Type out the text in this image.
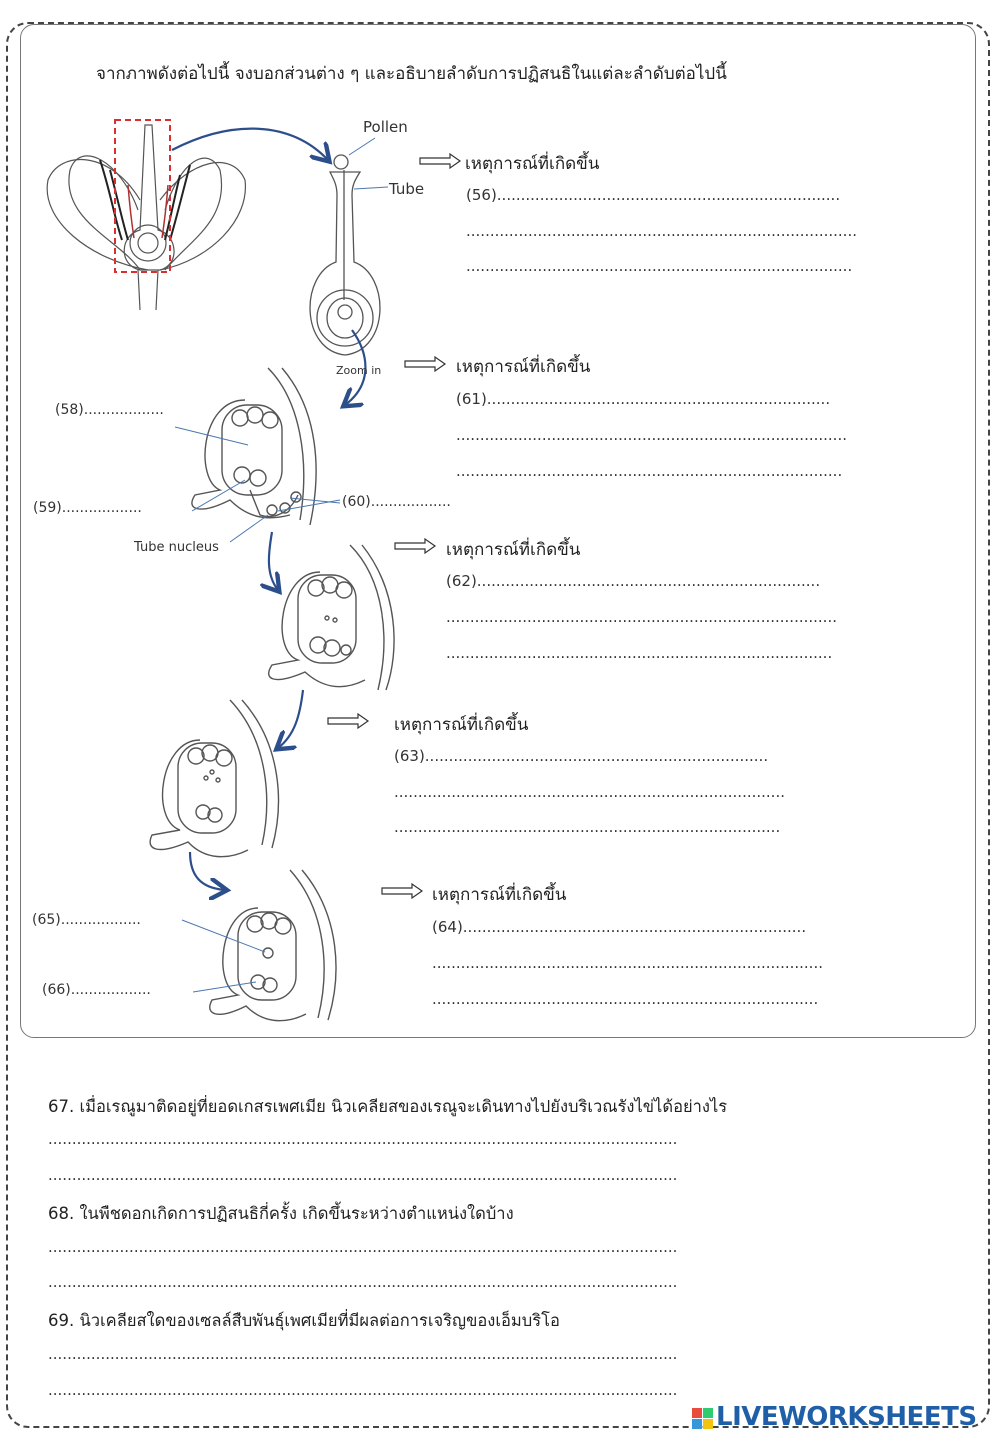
จากภาพดังต่อไปนี้ จงบอกส่วนต่าง ๆ และอธิบายลำดับการปฏิสนธิในแต่ละลำดับต่อไปนี้
Pollen
Tube
Zoom in
Tube nucleus
(58)..................
(59)..................	(60)..................
(65)..................
(66)..................
เหตุการณ์ที่เกิดขึ้น
(56)........................................................................
..................................................................................
.................................................................................
เหตุการณ์ที่เกิดขึ้น
(61)........................................................................
..................................................................................
.................................................................................
เหตุการณ์ที่เกิดขึ้น
(62)........................................................................
..................................................................................
.................................................................................
เหตุการณ์ที่เกิดขึ้น
(63)........................................................................
..................................................................................
.................................................................................
เหตุการณ์ที่เกิดขึ้น
(64)........................................................................
..................................................................................
.................................................................................
67. เมื่อเรณูมาติดอยู่ที่ยอดเกสรเพศเมีย นิวเคลียสของเรณูจะเดินทางไปยังบริเวณรังไข่ได้อย่างไร
....................................................................................................................................
....................................................................................................................................
68. ในพืชดอกเกิดการปฏิสนธิกี่ครั้ง เกิดขึ้นระหว่างตำแหน่งใดบ้าง
....................................................................................................................................
....................................................................................................................................
69. นิวเคลียสใดของเซลล์สืบพันธุ์เพศเมียที่มีผลต่อการเจริญของเอ็มบริโอ
....................................................................................................................................
....................................................................................................................................
LIVEWORKSHEETS
